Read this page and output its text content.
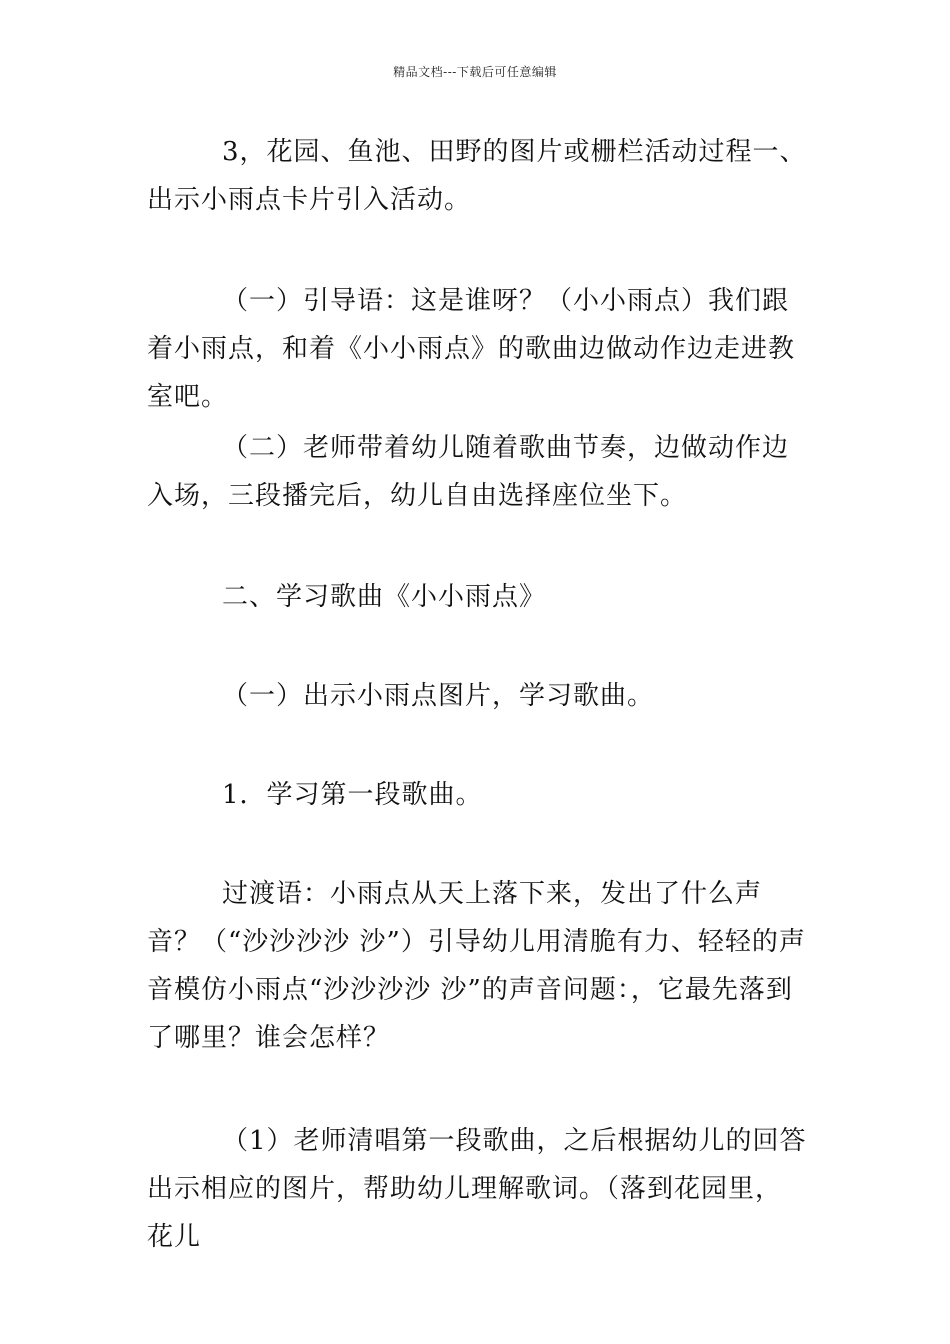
精品文档---下载后可任意编辑
3，花园、鱼池、田野的图片或栅栏活动过程一、出示小雨点卡片引入活动。
（一）引导语：这是谁呀？（小小雨点）我们跟着小雨点，和着《小小雨点》的歌曲边做动作边走进教室吧。
（二）老师带着幼儿随着歌曲节奏，边做动作边入场，三段播完后，幼儿自由选择座位坐下。
二、学习歌曲《小小雨点》
（一）出示小雨点图片，学习歌曲。
1．学习第一段歌曲。
过渡语：小雨点从天上落下来，发出了什么声音？（“沙沙沙沙 沙”）引导幼儿用清脆有力、轻轻的声音模仿小雨点“沙沙沙沙 沙”的声音问题：，它最先落到了哪里？谁会怎样？
（1）老师清唱第一段歌曲，之后根据幼儿的回答出示相应的图片，帮助幼儿理解歌词。（落到花园里，花儿
